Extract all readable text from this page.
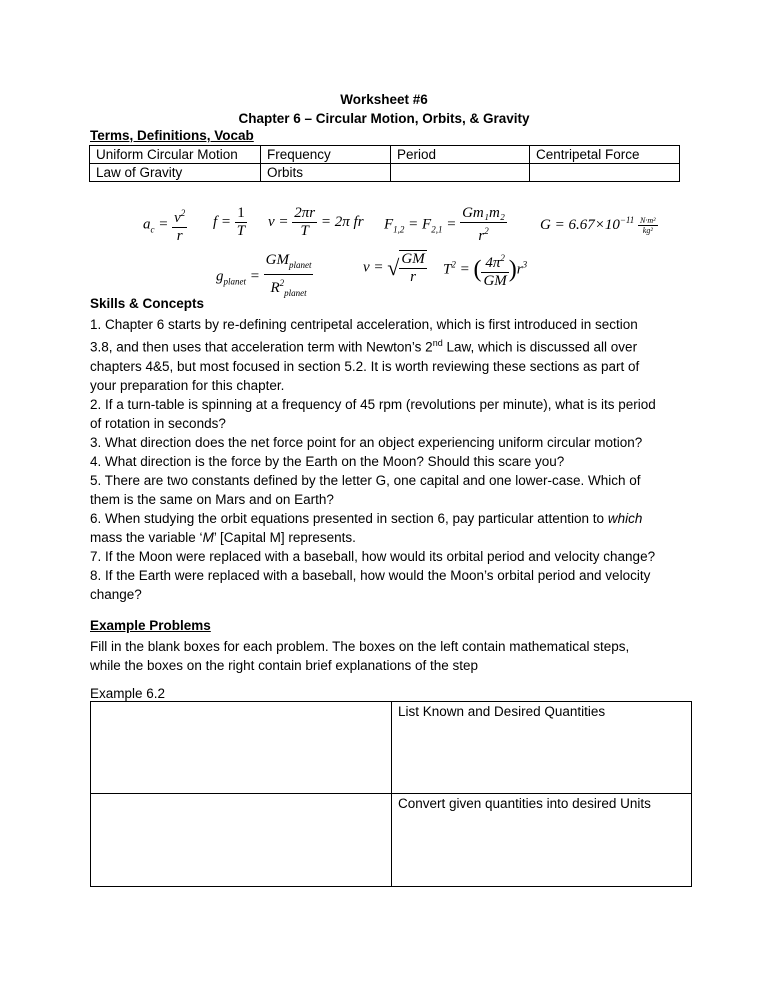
Worksheet #6
Chapter 6 – Circular Motion, Orbits, & Gravity
Terms, Definitions, Vocab
Uniform Circular Motion	Frequency	Period	Centripetal Force
Law of Gravity	Orbits		
$a_c = \frac{v^2}{r}$ $f = \frac{1}{T}$ $v = \frac{2\pi r}{T} = 2\pi$ fr $F_{1,2} = F_{2,1} = \frac{\text{Gm₁m₂}}{r^2}$ $G = 6.67\times 10^{-11} \frac{\text{N·m²}}{\text{kg²}}$
$g_{planet} = \frac{GM_{planet}}{R^2_{planet}}$	v = √ $\frac{GM}{r} T^2$ = ( $\frac{4\pi^2}{GM} )r^3$
Skills & Concepts

1. Chapter 6 starts by re-defining centripetal acceleration, which is first introduced in section

3.8, and then uses that acceleration term with Newton’s 2nd Law, which is discussed all over

chapters 4&5, but most focused in section 5.2. It is worth reviewing these sections as part of

your preparation for this chapter.

2. If a turn-table is spinning at a frequency of 45 rpm (revolutions per minute), what is its period

of rotation in seconds?

3. What direction does the net force point for an object experiencing uniform circular motion?

4. What direction is the force by the Earth on the Moon? Should this scare you?

5. There are two constants defined by the letter G, one capital and one lower-case. Which of

them is the same on Mars and on Earth?

6. When studying the orbit equations presented in section 6, pay particular attention to which

mass the variable ‘M’ [Capital M] represents.

7. If the Moon were replaced with a baseball, how would its orbital period and velocity change?

8. If the Earth were replaced with a baseball, how would the Moon’s orbital period and velocity

change?

Example Problems

Fill in the blank boxes for each problem. The boxes on the left contain mathematical steps,

while the boxes on the right contain brief explanations of the step

Example 6.2
List Known and Desired Quantities
Convert given quantities into desired Units
